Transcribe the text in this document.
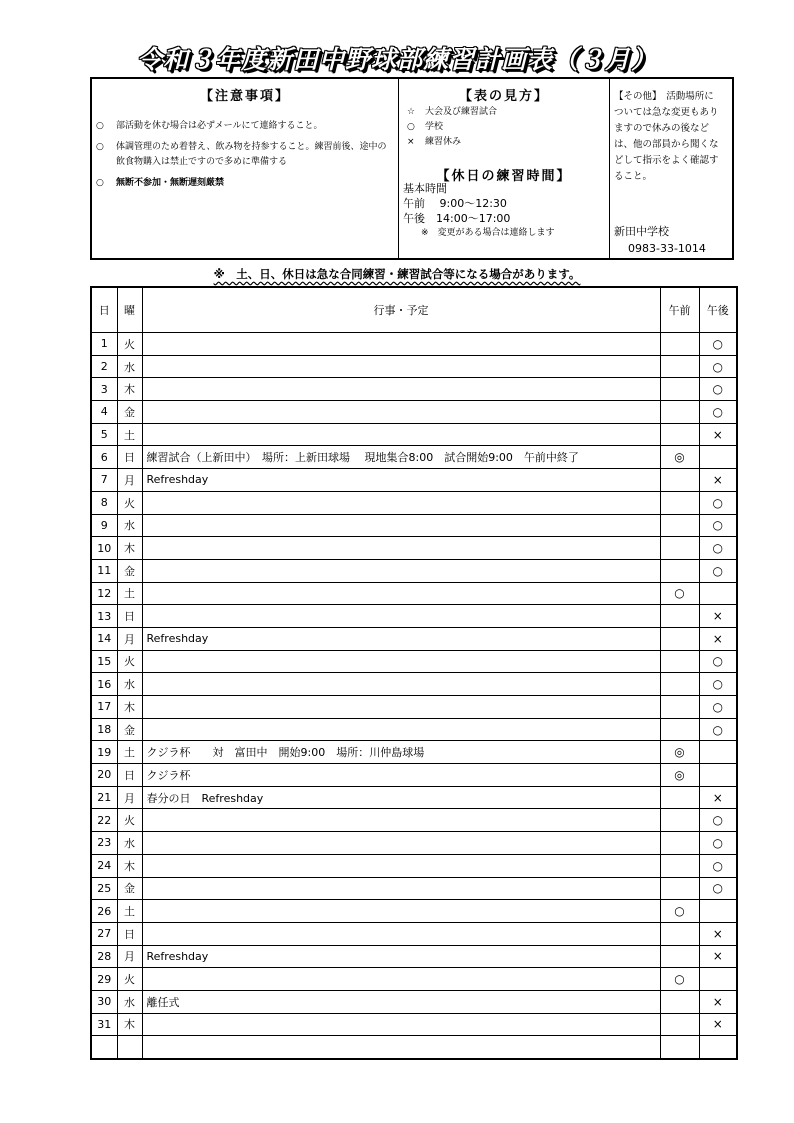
令和３年度新田中野球部練習計画表（３月）
【注意事項】
○	部活動を休む場合は必ずメールにて連絡すること。
○	体調管理のため着替え、飲み物を持参すること。練習前後、途中の飲食物購入は禁止ですので多めに準備する
○	無断不参加・無断遅刻厳禁
【表の見方】
☆	大会及び練習試合
○	学校
×	練習休み
【休日の練習時間】
基本時間
午前　 9:00～12:30
午後　14:00～17:00
※　変更がある場合は連絡します
【その他】　活動場所については急な変更もありますので休みの後などは、他の部員から聞くなどして指示をよく確認すること。
新田中学校
0983-33-1014
※　土、日、休日は急な合同練習・練習試合等になる場合があります。
日	曜	行事・予定	午前	午後
1	火			○
2	水			○
3	木			○
4	金			○
5	土			×
6	日	練習試合（上新田中）　場所：上新田球場　 現地集合8:00　試合開始9:00　午前中終了	◎	
7	月	Refreshday		×
8	火			○
9	水			○
10	木			○
11	金			○
12	土		○	
13	日			×
14	月	Refreshday		×
15	火			○
16	水			○
17	木			○
18	金			○
19	土	クジラ杯　　対　富田中　開始9:00　場所：川仲島球場	◎	
20	日	クジラ杯	◎	
21	月	春分の日　Refreshday		×
22	火			○
23	水			○
24	木			○
25	金			○
26	土		○	
27	日			×
28	月	Refreshday		×
29	火		○	
30	水	離任式		×
31	木			×
